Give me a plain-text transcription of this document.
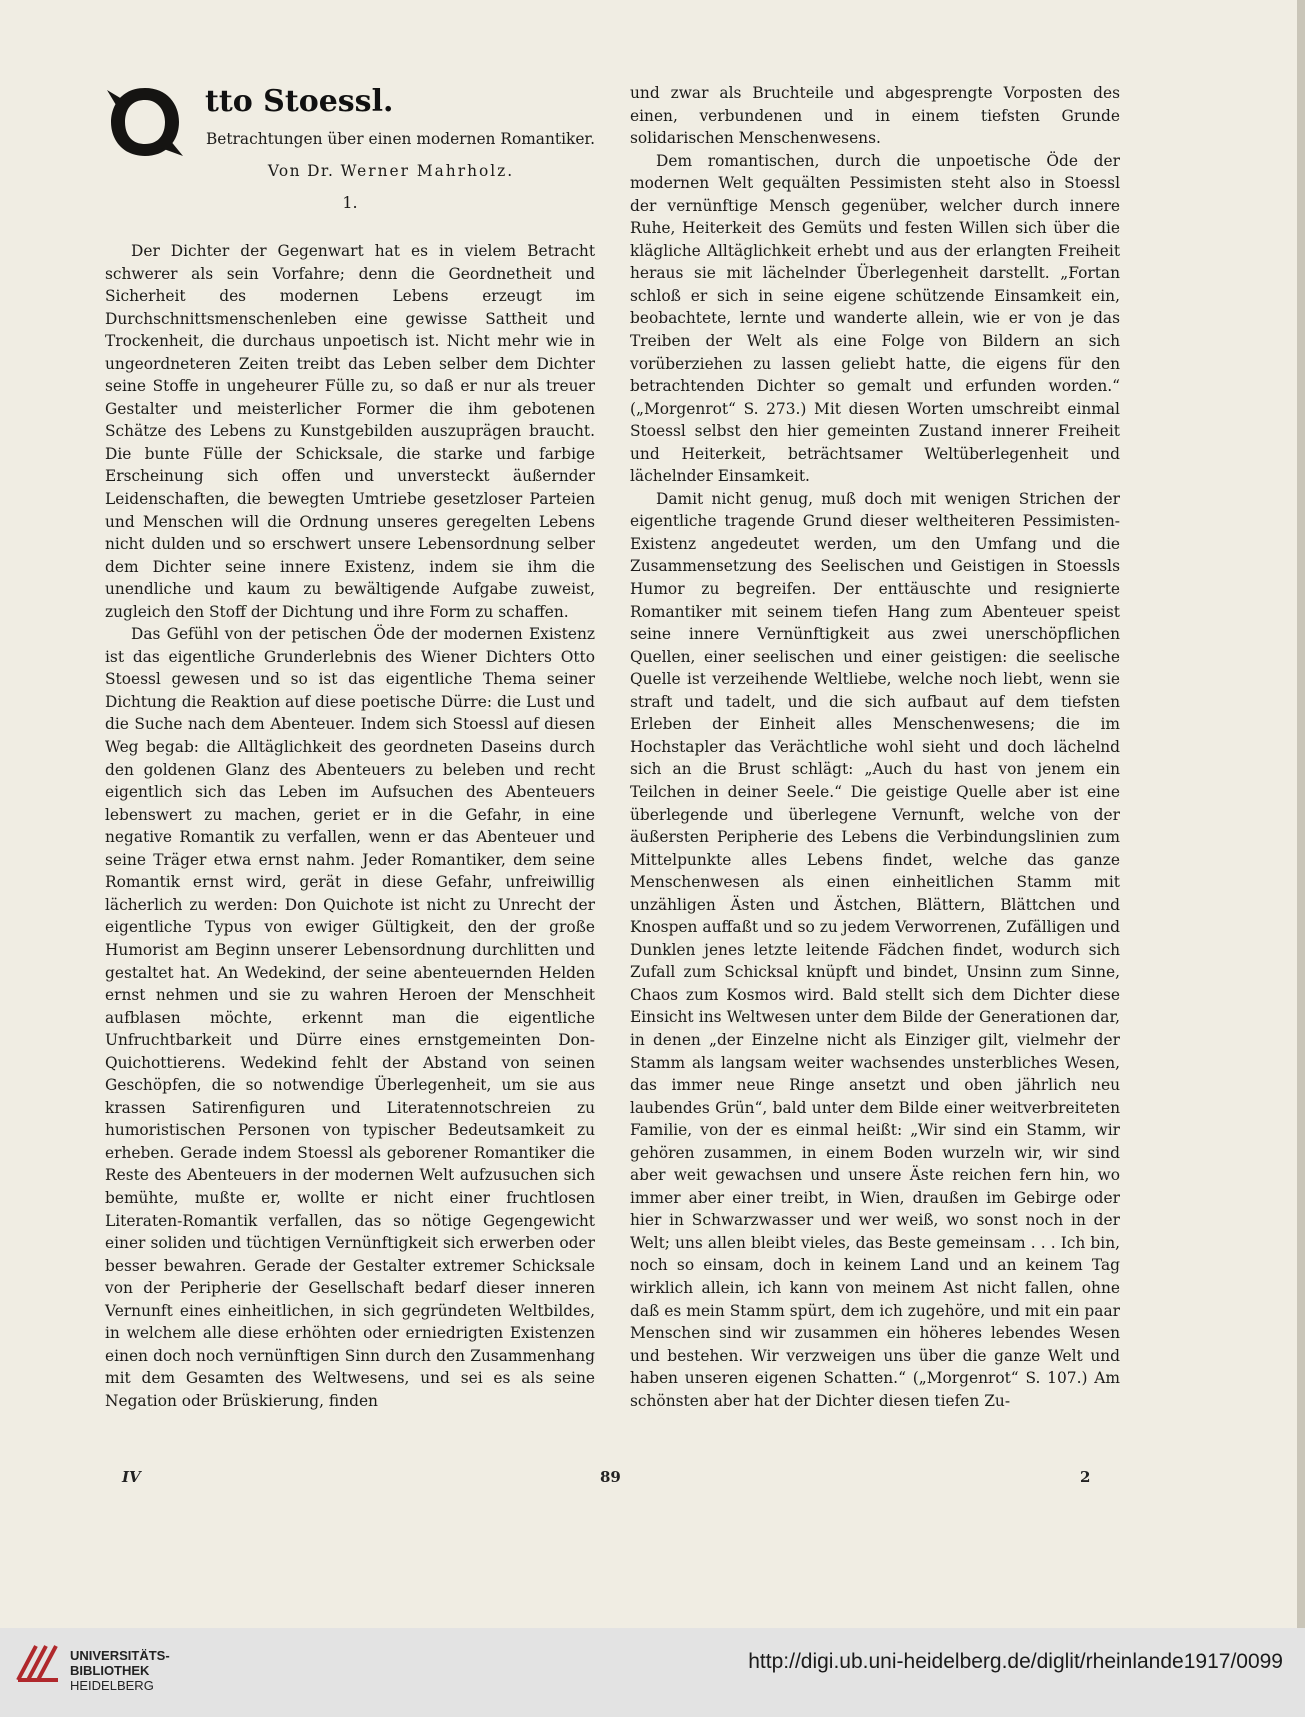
tto Stoessl.
Betrachtungen über einen modernen Romantiker.
Von Dr. Werner Mahrholz.
1.

Der Dichter der Gegenwart hat es in vielem Betracht schwerer als sein Vorfahre; denn die Geordnetheit und Sicherheit des modernen Lebens erzeugt im Durchschnittsmenschenleben eine gewisse Sattheit und Trockenheit, die durchaus unpoetisch ist. Nicht mehr wie in ungeordneteren Zeiten treibt das Leben selber dem Dichter seine Stoffe in ungeheurer Fülle zu, so daß er nur als treuer Gestalter und meisterlicher Former die ihm gebotenen Schätze des Lebens zu Kunstgebilden auszuprägen braucht. Die bunte Fülle der Schicksale, die starke und farbige Erscheinung sich offen und unversteckt äußernder Leidenschaften, die bewegten Umtriebe gesetzloser Parteien und Menschen will die Ordnung unseres geregelten Lebens nicht dulden und so erschwert unsere Lebensordnung selber dem Dichter seine innere Existenz, indem sie ihm die unendliche und kaum zu bewältigende Aufgabe zuweist, zugleich den Stoff der Dichtung und ihre Form zu schaffen.

Das Gefühl von der petischen Öde der modernen Existenz ist das eigentliche Grunderlebnis des Wiener Dichters Otto Stoessl gewesen und so ist das eigentliche Thema seiner Dichtung die Reaktion auf diese poetische Dürre: die Lust und die Suche nach dem Abenteuer. Indem sich Stoessl auf diesen Weg begab: die Alltäglichkeit des geordneten Daseins durch den goldenen Glanz des Abenteuers zu beleben und recht eigentlich sich das Leben im Aufsuchen des Abenteuers lebenswert zu machen, geriet er in die Gefahr, in eine negative Romantik zu verfallen, wenn er das Abenteuer und seine Träger etwa ernst nahm. Jeder Romantiker, dem seine Romantik ernst wird, gerät in diese Gefahr, unfreiwillig lächerlich zu werden: Don Quichote ist nicht zu Unrecht der eigentliche Typus von ewiger Gültigkeit, den der große Humorist am Beginn unserer Lebensordnung durchlitten und gestaltet hat. An Wedekind, der seine abenteuernden Helden ernst nehmen und sie zu wahren Heroen der Menschheit aufblasen möchte, erkennt man die eigentliche Unfruchtbarkeit und Dürre eines ernstgemeinten Don-Quichottierens. Wedekind fehlt der Abstand von seinen Geschöpfen, die so notwendige Überlegenheit, um sie aus krassen Satirenfiguren und Literatennotschreien zu humoristischen Personen von typischer Bedeutsamkeit zu erheben. Gerade indem Stoessl als geborener Romantiker die Reste des Abenteuers in der modernen Welt aufzusuchen sich bemühte, mußte er, wollte er nicht einer fruchtlosen Literaten-Romantik verfallen, das so nötige Gegengewicht einer soliden und tüchtigen Vernünftigkeit sich erwerben oder besser bewahren. Gerade der Gestalter extremer Schicksale von der Peripherie der Gesellschaft bedarf dieser inneren Vernunft eines einheitlichen, in sich gegründeten Weltbildes, in welchem alle diese erhöhten oder erniedrigten Existenzen einen doch noch vernünftigen Sinn durch den Zusammenhang mit dem Gesamten des Weltwesens, und sei es als seine Negation oder Brüskierung, finden

und zwar als Bruchteile und abgesprengte Vorposten des einen, verbundenen und in einem tiefsten Grunde solidarischen Menschenwesens.

Dem romantischen, durch die unpoetische Öde der modernen Welt gequälten Pessimisten steht also in Stoessl der vernünftige Mensch gegenüber, welcher durch innere Ruhe, Heiterkeit des Gemüts und festen Willen sich über die klägliche Alltäglichkeit erhebt und aus der erlangten Freiheit heraus sie mit lächelnder Überlegenheit darstellt. „Fortan schloß er sich in seine eigene schützende Einsamkeit ein, beobachtete, lernte und wanderte allein, wie er von je das Treiben der Welt als eine Folge von Bildern an sich vorüberziehen zu lassen geliebt hatte, die eigens für den betrachtenden Dichter so gemalt und erfunden worden.“ („Morgenrot“ S. 273.) Mit diesen Worten umschreibt einmal Stoessl selbst den hier gemeinten Zustand innerer Freiheit und Heiterkeit, beträchtsamer Weltüberlegenheit und lächelnder Einsamkeit.

Damit nicht genug, muß doch mit wenigen Strichen der eigentliche tragende Grund dieser weltheiteren Pessimisten-Existenz angedeutet werden, um den Umfang und die Zusammensetzung des Seelischen und Geistigen in Stoessls Humor zu begreifen. Der enttäuschte und resignierte Romantiker mit seinem tiefen Hang zum Abenteuer speist seine innere Vernünftigkeit aus zwei unerschöpflichen Quellen, einer seelischen und einer geistigen: die seelische Quelle ist verzeihende Weltliebe, welche noch liebt, wenn sie straft und tadelt, und die sich aufbaut auf dem tiefsten Erleben der Einheit alles Menschenwesens; die im Hochstapler das Verächtliche wohl sieht und doch lächelnd sich an die Brust schlägt: „Auch du hast von jenem ein Teilchen in deiner Seele.“ Die geistige Quelle aber ist eine überlegende und überlegene Vernunft, welche von der äußersten Peripherie des Lebens die Verbindungslinien zum Mittelpunkte alles Lebens findet, welche das ganze Menschenwesen als einen einheitlichen Stamm mit unzähligen Ästen und Ästchen, Blättern, Blättchen und Knospen auffaßt und so zu jedem Verworrenen, Zufälligen und Dunklen jenes letzte leitende Fädchen findet, wodurch sich Zufall zum Schicksal knüpft und bindet, Unsinn zum Sinne, Chaos zum Kosmos wird. Bald stellt sich dem Dichter diese Einsicht ins Weltwesen unter dem Bilde der Generationen dar, in denen „der Einzelne nicht als Einziger gilt, vielmehr der Stamm als langsam weiter wachsendes unsterbliches Wesen, das immer neue Ringe ansetzt und oben jährlich neu laubendes Grün“, bald unter dem Bilde einer weitverbreiteten Familie, von der es einmal heißt: „Wir sind ein Stamm, wir gehören zusammen, in einem Boden wurzeln wir, wir sind aber weit gewachsen und unsere Äste reichen fern hin, wo immer aber einer treibt, in Wien, draußen im Gebirge oder hier in Schwarzwasser und wer weiß, wo sonst noch in der Welt; uns allen bleibt vieles, das Beste gemeinsam . . . Ich bin, noch so einsam, doch in keinem Land und an keinem Tag wirklich allein, ich kann von meinem Ast nicht fallen, ohne daß es mein Stamm spürt, dem ich zugehöre, und mit ein paar Menschen sind wir zusammen ein höheres lebendes Wesen und bestehen. Wir verzweigen uns über die ganze Welt und haben unseren eigenen Schatten.“ („Morgenrot“ S. 107.) Am schönsten aber hat der Dichter diesen tiefen Zu-

IV	89	2
UNIVERSITÄTS-
BIBLIOTHEK
HEIDELBERG
http://digi.ub.uni-heidelberg.de/diglit/rheinlande1917/0099
